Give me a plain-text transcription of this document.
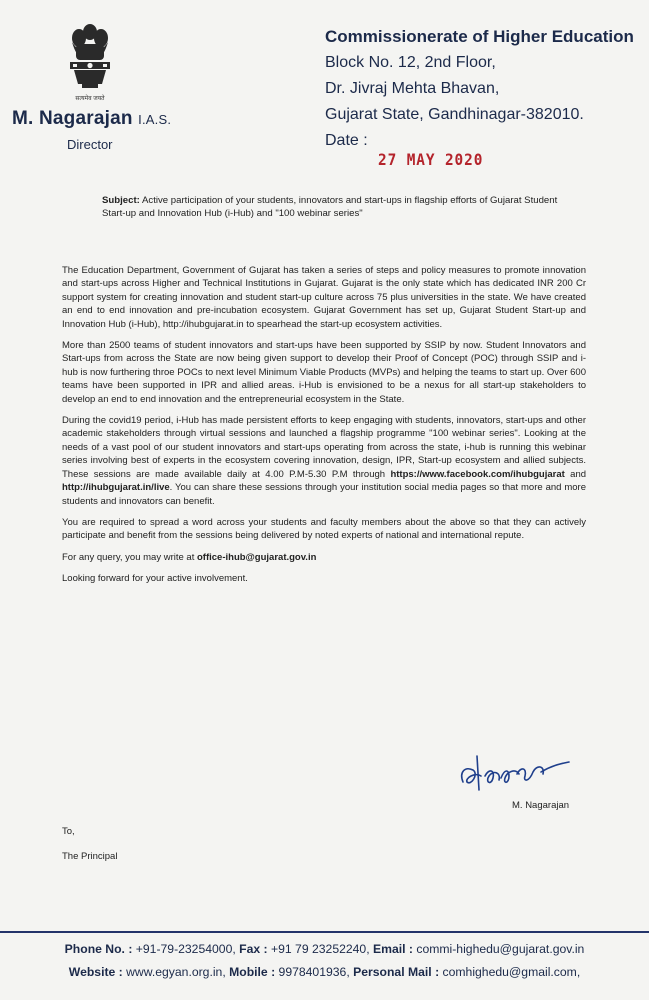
सत्यमेव जयते
M. Nagarajan I.A.S.
Director
Commissionerate of Higher Education
Block No. 12, 2nd Floor,
Dr. Jivraj Mehta Bhavan,
Gujarat State, Gandhinagar-382010.
Date :
27 MAY 2020
Subject: Active participation of your students, innovators and start-ups in flagship efforts of Gujarat Student Start-up and Innovation Hub (i-Hub) and "100 webinar series"

The Education Department, Government of Gujarat has taken a series of steps and policy measures to promote innovation and start-ups across Higher and Technical Institutions in Gujarat. Gujarat is the only state which has dedicated INR 200 Cr support system for creating innovation and student start-up culture across 75 plus universities in the state. We have created an end to end innovation and pre-incubation ecosystem. Gujarat Government has set up, Gujarat Student Start-up and Innovation Hub (i-Hub), http://ihubgujarat.in to spearhead the start-up ecosystem activities.

More than 2500 teams of student innovators and start-ups have been supported by SSIP by now. Student Innovators and Start-ups from across the State are now being given support to develop their Proof of Concept (POC) through SSIP and i-hub is now furthering throe POCs to next level Minimum Viable Products (MVPs) and helping the teams to start up. Over 600 teams have been supported in IPR and allied areas. i-Hub is envisioned to be a nexus for all start-up stakeholders to develop an end to end innovation and the entrepreneurial ecosystem in the State.

During the covid19 period, i-Hub has made persistent efforts to keep engaging with students, innovators, start-ups and other academic stakeholders through virtual sessions and launched a flagship programme "100 webinar series". Looking at the needs of a vast pool of our student innovators and start-ups operating from across the state, i-hub is running this webinar series involving best of experts in the ecosystem covering innovation, design, IPR, Start-up ecosystem and allied subjects. These sessions are made available daily at 4.00 P.M-5.30 P.M through https://www.facebook.com/ihubgujarat and http://ihubgujarat.in/live. You can share these sessions through your institution social media pages so that more and more students and innovators can benefit.

You are required to spread a word across your students and faculty members about the above so that they can actively participate and benefit from the sessions being delivered by noted experts of national and international repute.

For any query, you may write at office-ihub@gujarat.gov.in

Looking forward for your active involvement.

M. Nagarajan
To,
The Principal
Phone No. : +91-79-23254000, Fax : +91 79 23252240, Email : commi-highedu@gujarat.gov.in
Website : www.egyan.org.in, Mobile : 9978401936, Personal Mail : comhighedu@gmail.com,
